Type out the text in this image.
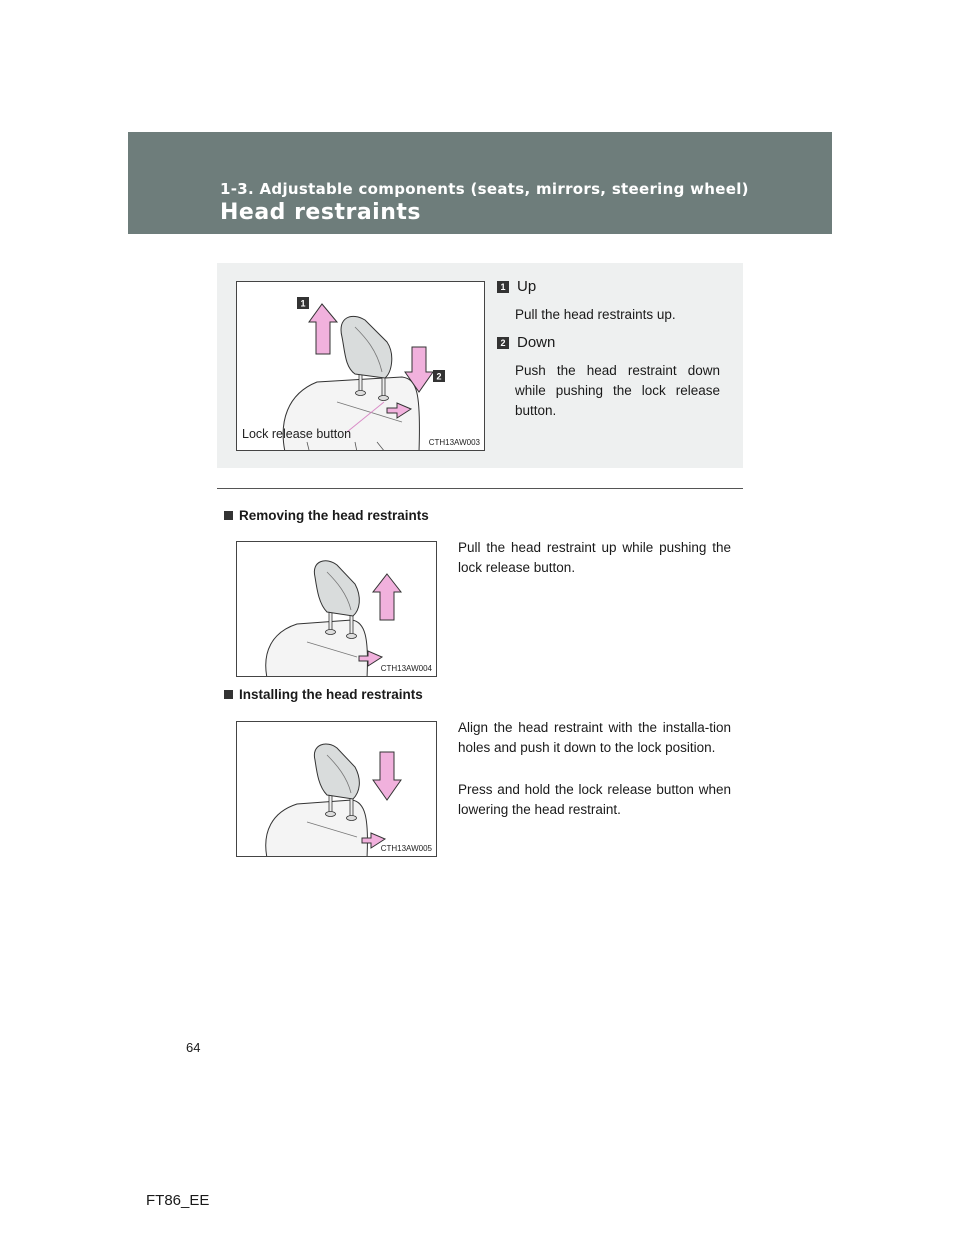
1-3. Adjustable components (seats, mirrors, steering wheel)
Head restraints
1
2
Lock release button
CTH13AW003
1 Up
Pull the head restraints up.
2 Down
Push the head restraint down while pushing the lock release button.
Removing the head restraints
Pull the head restraint up while pushing the lock release button.
CTH13AW004
Installing the head restraints
Align the head restraint with the installa-tion holes and push it down to the lock position.
Press and hold the lock release button when lowering the head restraint.
CTH13AW005
64
FT86_EE
